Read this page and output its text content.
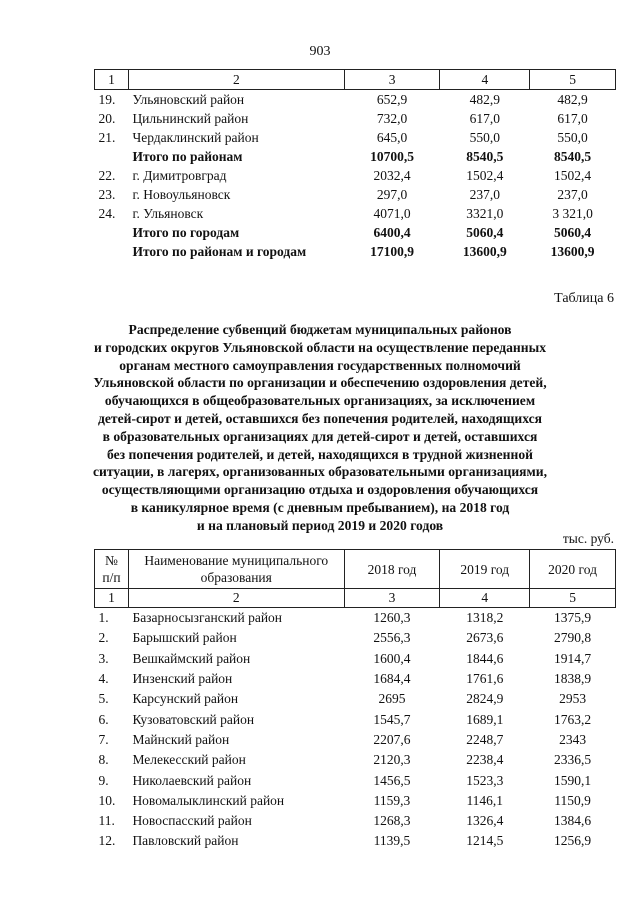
903
1	2	3	4	5
19.	Ульяновский район	652,9	482,9	482,9
20.	Цильнинский район	732,0	617,0	617,0
21.	Чердаклинский район	645,0	550,0	550,0
	Итого по районам	10700,5	8540,5	8540,5
22.	г. Димитровград	2032,4	1502,4	1502,4
23.	г. Новоульяновск	297,0	237,0	237,0
24.	г. Ульяновск	4071,0	3321,0	3 321,0
	Итого по городам	6400,4	5060,4	5060,4
	Итого по районам и городам	17100,9	13600,9	13600,9
Таблица 6
Распределение субвенций бюджетам муниципальных районов
и городских округов Ульяновской области на осуществление переданных
органам местного самоуправления государственных полномочий
Ульяновской области по организации и обеспечению оздоровления детей,
обучающихся в общеобразовательных организациях, за исключением
детей-сирот и детей, оставшихся без попечения родителей, находящихся
в образовательных организациях для детей-сирот и детей, оставшихся
без попечения родителей, и детей, находящихся в трудной жизненной
ситуации, в лагерях, организованных образовательными организациями,
осуществляющими организацию отдыха и оздоровления обучающихся
в каникулярное время (с дневным пребыванием), на 2018 год
и на плановый период 2019 и 2020 годов
тыс. руб.
№ п/п	Наименование муниципального образования	2018 год	2019 год	2020 год
1	2	3	4	5
1.	Базарносызганский район	1260,3	1318,2	1375,9
2.	Барышский район	2556,3	2673,6	2790,8
3.	Вешкаймский район	1600,4	1844,6	1914,7
4.	Инзенский район	1684,4	1761,6	1838,9
5.	Карсунский район	2695	2824,9	2953
6.	Кузоватовский район	1545,7	1689,1	1763,2
7.	Майнский район	2207,6	2248,7	2343
8.	Мелекесский район	2120,3	2238,4	2336,5
9.	Николаевский район	1456,5	1523,3	1590,1
10.	Новомалыклинский район	1159,3	1146,1	1150,9
11.	Новоспасский район	1268,3	1326,4	1384,6
12.	Павловский район	1139,5	1214,5	1256,9
